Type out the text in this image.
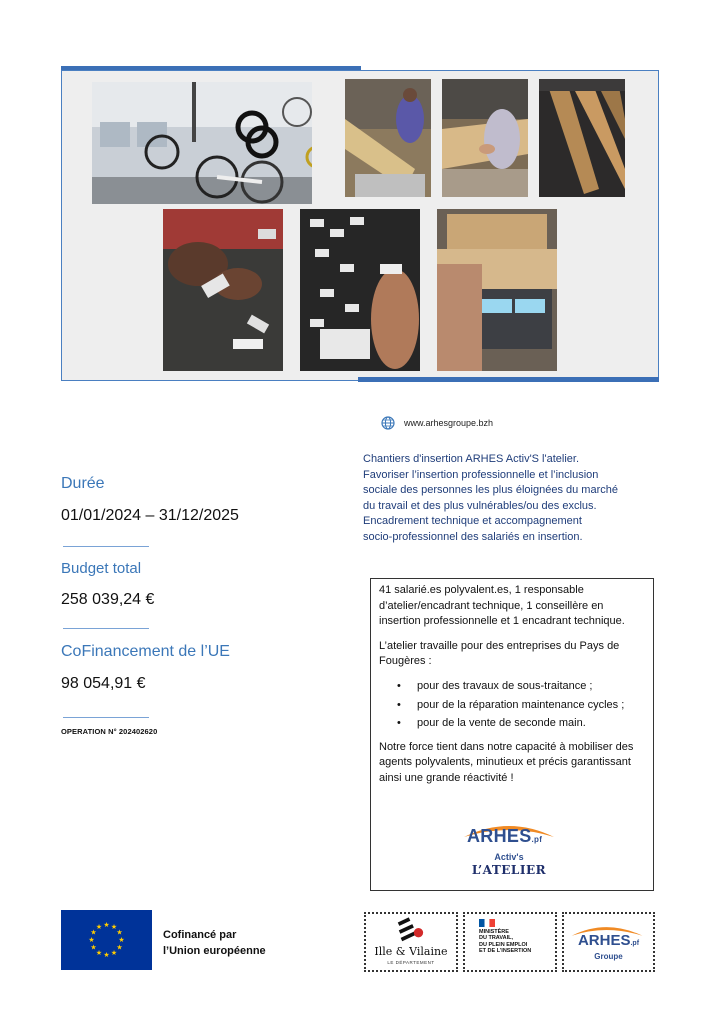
www.arhesgroupe.bzh
Chantiers d'insertion ARHES Activ'S l'atelier.
Favoriser l’insertion professionnelle et l’inclusion
sociale des personnes les plus éloignées du marché
du travail et des plus vulnérables/ou des exclus.
Encadrement technique et accompagnement
socio-professionnel des salariés en insertion.
Durée
01/01/2024 – 31/12/2025
Budget total
258 039,24 €
CoFinancement de l’UE
98 054,91 €
OPERATION N° 202402620

41 salarié.es polyvalent.es, 1 responsable d’atelier/encadrant technique, 1 conseillère en insertion professionnelle et 1 encadrant technique.

L’atelier travaille pour des entreprises du Pays de Fougères :

• pour des travaux de sous-traitance ;
• pour de la réparation maintenance cycles ;
• pour de la vente de seconde main.

Notre force tient dans notre capacité à mobiliser des agents polyvalents, minutieux et précis garantissant ainsi une grande réactivité !

ARHES.pf
Activ's
L’ATELIER
★ ★
★
★
★
★
★
★
★
★
★
★
Cofinancé par
l’Union européenne	Ille & Vilaine
LE DÉPARTEMENT
MINISTÈRE
DU TRAVAIL,
DU PLEIN EMPLOI
ET DE L’INSERTION
ARHES.pf
Groupe
